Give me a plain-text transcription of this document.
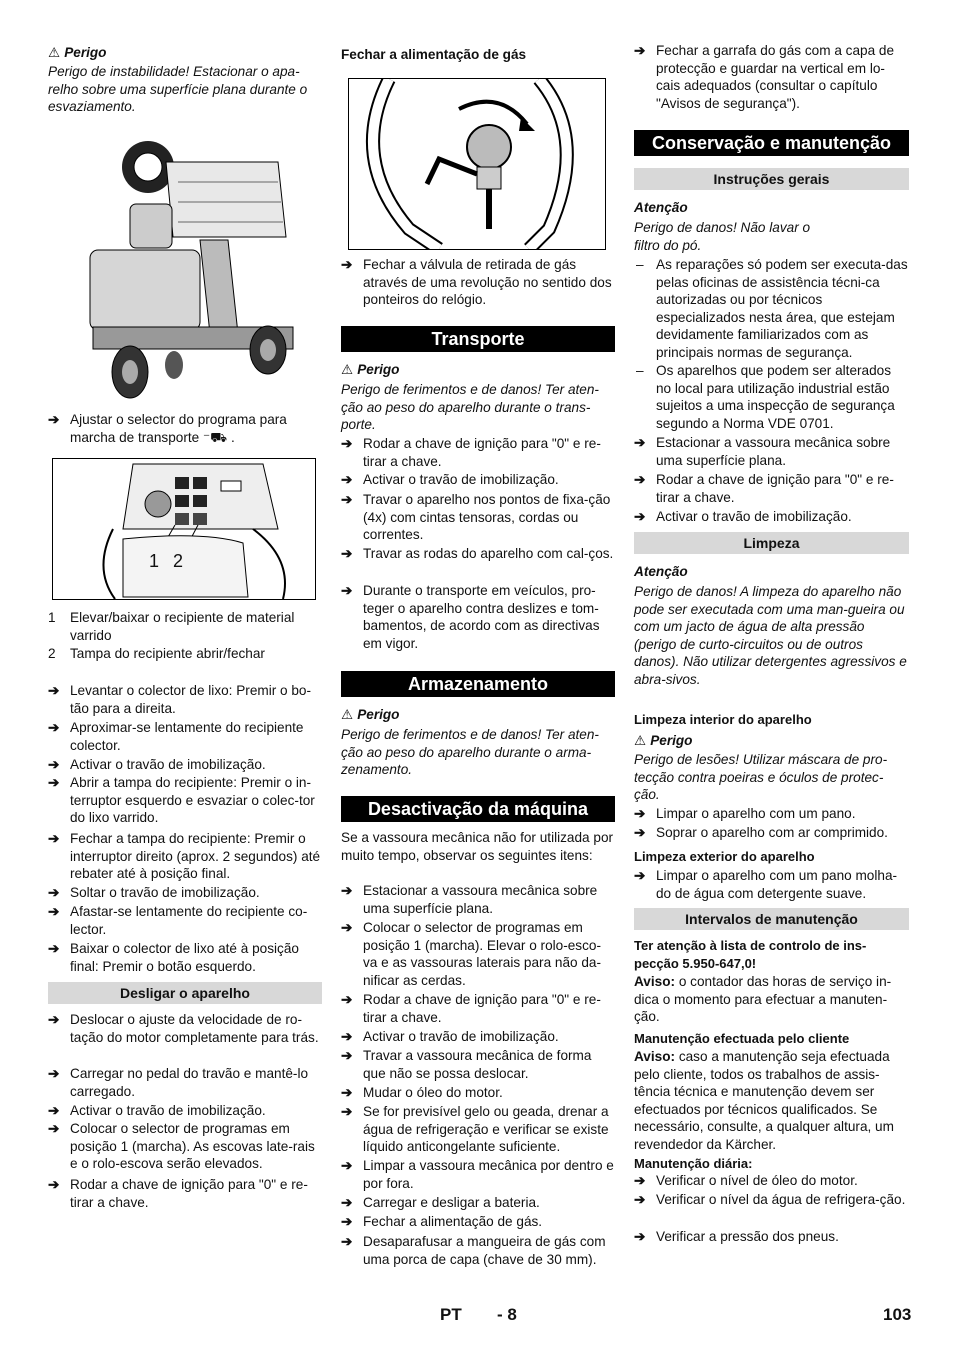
⚠ Perigo
Perigo de instabilidade! Estacionar o apa-relho sobre uma superfície plana durante o esvaziamento.
➔ Ajustar o selector do programa para marcha de transporte ⁻⛟ .
1 2
1 Elevar/baixar o recipiente de material varrido
2 Tampa do recipiente abrir/fechar
➔ Levantar o colector de lixo: Premir o bo-tão para a direita.
➔ Aproximar-se lentamente do recipiente colector.
➔ Activar o travão de imobilização.
➔ Abrir a tampa do recipiente: Premir o in-terruptor esquerdo e esvaziar o colec-tor do lixo varrido.
➔ Fechar a tampa do recipiente: Premir o interruptor direito (aprox. 2 segundos) até rebater até à posição final.
➔ Soltar o travão de imobilização.
➔ Afastar-se lentamente do recipiente co-lector.
➔ Baixar o colector de lixo até à posição final: Premir o botão esquerdo.
Desligar o aparelho
➔ Deslocar o ajuste da velocidade de ro-tação do motor completamente para trás.
➔ Carregar no pedal do travão e mantê-lo carregado.
➔ Activar o travão de imobilização.
➔ Colocar o selector de programas em posição 1 (marcha). As escovas late-rais e o rolo-escova serão elevados.
➔ Rodar a chave de ignição para "0" e re-tirar a chave.
Fechar a alimentação de gás
➔ Fechar a válvula de retirada de gás através de uma revolução no sentido dos ponteiros do relógio.
Transporte
⚠ Perigo
Perigo de ferimentos e de danos! Ter aten-ção ao peso do aparelho durante o trans-porte.
➔ Rodar a chave de ignição para "0" e re-tirar a chave.
➔ Activar o travão de imobilização.
➔ Travar o aparelho nos pontos de fixa-ção (4x) com cintas tensoras, cordas ou correntes.
➔ Travar as rodas do aparelho com cal-ços.
➔ Durante o transporte em veículos, pro-teger o aparelho contra deslizes e tom-bamentos, de acordo com as directivas em vigor.
Armazenamento
⚠ Perigo
Perigo de ferimentos e de danos! Ter aten-ção ao peso do aparelho durante o arma-zenamento.
Desactivação da máquina
Se a vassoura mecânica não for utilizada por muito tempo, observar os seguintes itens:
➔ Estacionar a vassoura mecânica sobre uma superfície plana.
➔ Colocar o selector de programas em posição 1 (marcha). Elevar o rolo-esco-va e as vassouras laterais para não da-nificar as cerdas.
➔ Rodar a chave de ignição para "0" e re-tirar a chave.
➔ Activar o travão de imobilização.
➔ Travar a vassoura mecânica de forma que não se possa deslocar.
➔ Mudar o óleo do motor.
➔ Se for previsível gelo ou geada, drenar a água de refrigeração e verificar se existe líquido anticongelante suficiente.
➔ Limpar a vassoura mecânica por dentro e por fora.
➔ Carregar e desligar a bateria.
➔ Fechar a alimentação de gás.
➔ Desaparafusar a mangueira de gás com uma porca de capa (chave de 30 mm).
➔ Fechar a garrafa do gás com a capa de protecção e guardar na vertical em lo-cais adequados (consultar o capítulo "Avisos de segurança").
Conservação e manutenção
Instruções gerais
Atenção
Perigo de danos! Não lavar o filtro do pó.
– As reparações só podem ser executa-das pelas oficinas de assistência técni-ca autorizadas ou por técnicos especializados nesta área, que estejam devidamente familiarizados com as principais normas de segurança.
– Os aparelhos que podem ser alterados no local para utilização industrial estão sujeitos a uma inspecção de segurança segundo a Norma VDE 0701.
➔ Estacionar a vassoura mecânica sobre uma superfície plana.
➔ Rodar a chave de ignição para "0" e re-tirar a chave.
➔ Activar o travão de imobilização.
Limpeza
Atenção
Perigo de danos! A limpeza do aparelho não pode ser executada com uma man-gueira ou com um jacto de água de alta pressão (perigo de curto-circuitos ou de outros danos). Não utilizar detergentes agressivos e abra-sivos.
Limpeza interior do aparelho
⚠ Perigo
Perigo de lesões! Utilizar máscara de pro-tecção contra poeiras e óculos de protec-ção.
➔ Limpar o aparelho com um pano.
➔ Soprar o aparelho com ar comprimido.
Limpeza exterior do aparelho
➔ Limpar o aparelho com um pano molha-do de água com detergente suave.
Intervalos de manutenção
Ter atenção à lista de controlo de ins-pecção 5.950-647,0!
Aviso: o contador das horas de serviço in-dica o momento para efectuar a manuten-ção.
Manutenção efectuada pelo cliente
Aviso: caso a manutenção seja efectuada pelo cliente, todos os trabalhos de assis-tência técnica e manutenção devem ser efectuados por técnicos qualificados. Se necessário, consulte, a qualquer altura, um revendedor da Kärcher.
Manutenção diária:
➔ Verificar o nível de óleo do motor.
➔ Verificar o nível da água de refrigera-ção.
➔ Verificar a pressão dos pneus.
PT - 8	103
